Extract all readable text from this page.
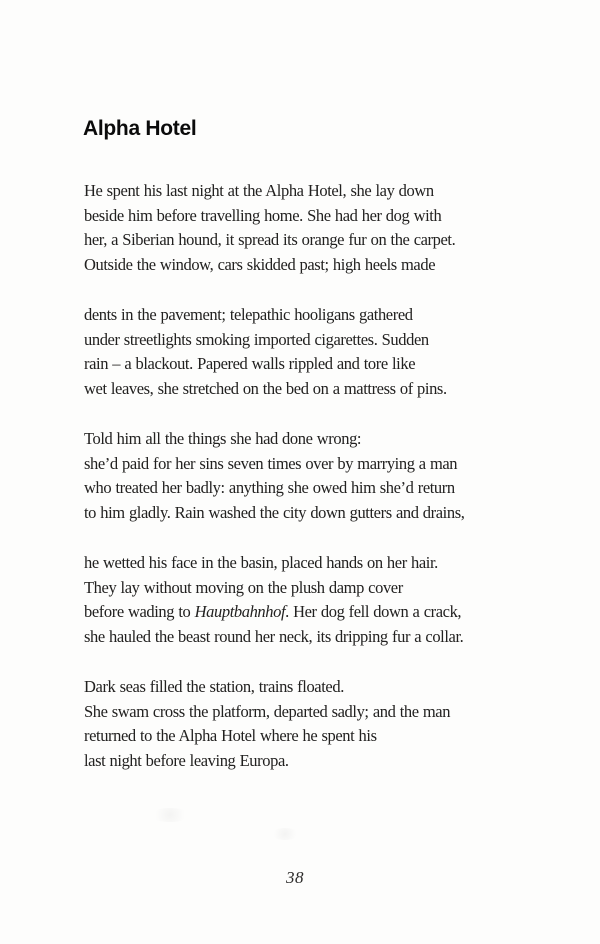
Alpha Hotel
He spent his last night at the Alpha Hotel, she lay down
beside him before travelling home. She had her dog with
her, a Siberian hound, it spread its orange fur on the carpet.
Outside the window, cars skidded past; high heels made
dents in the pavement; telepathic hooligans gathered
under streetlights smoking imported cigarettes. Sudden
rain – a blackout. Papered walls rippled and tore like
wet leaves, she stretched on the bed on a mattress of pins.
Told him all the things she had done wrong:
she’d paid for her sins seven times over by marrying a man
who treated her badly: anything she owed him she’d return
to him gladly. Rain washed the city down gutters and drains,
he wetted his face in the basin, placed hands on her hair.
They lay without moving on the plush damp cover
before wading to Hauptbahnhof. Her dog fell down a crack,
she hauled the beast round her neck, its dripping fur a collar.
Dark seas filled the station, trains floated.
She swam cross the platform, departed sadly; and the man
returned to the Alpha Hotel where he spent his
last night before leaving Europa.
38
